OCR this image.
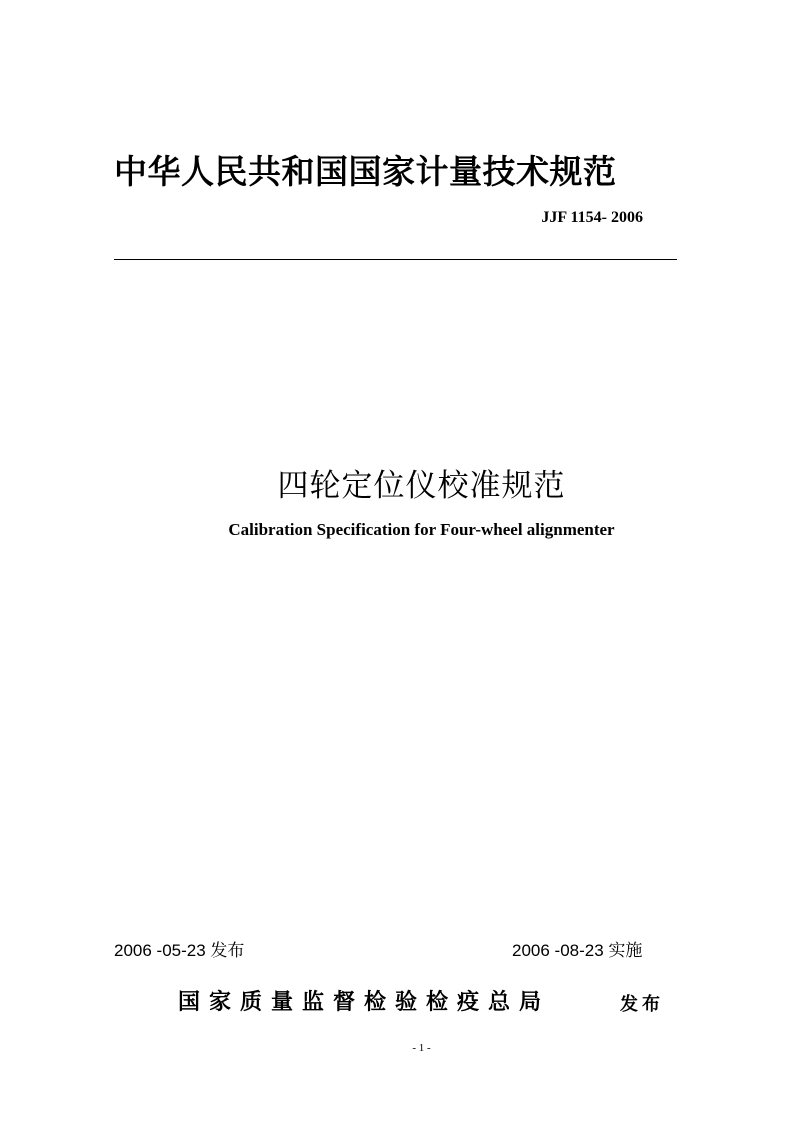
中华人民共和国国家计量技术规范
JJF 1154- 2006
四轮定位仪校准规范
Calibration Specification for Four-wheel alignmenter
2006 -05-23 发布	2006 -08-23 实施
国家质量监督检验检疫总局	发布
- 1 -
